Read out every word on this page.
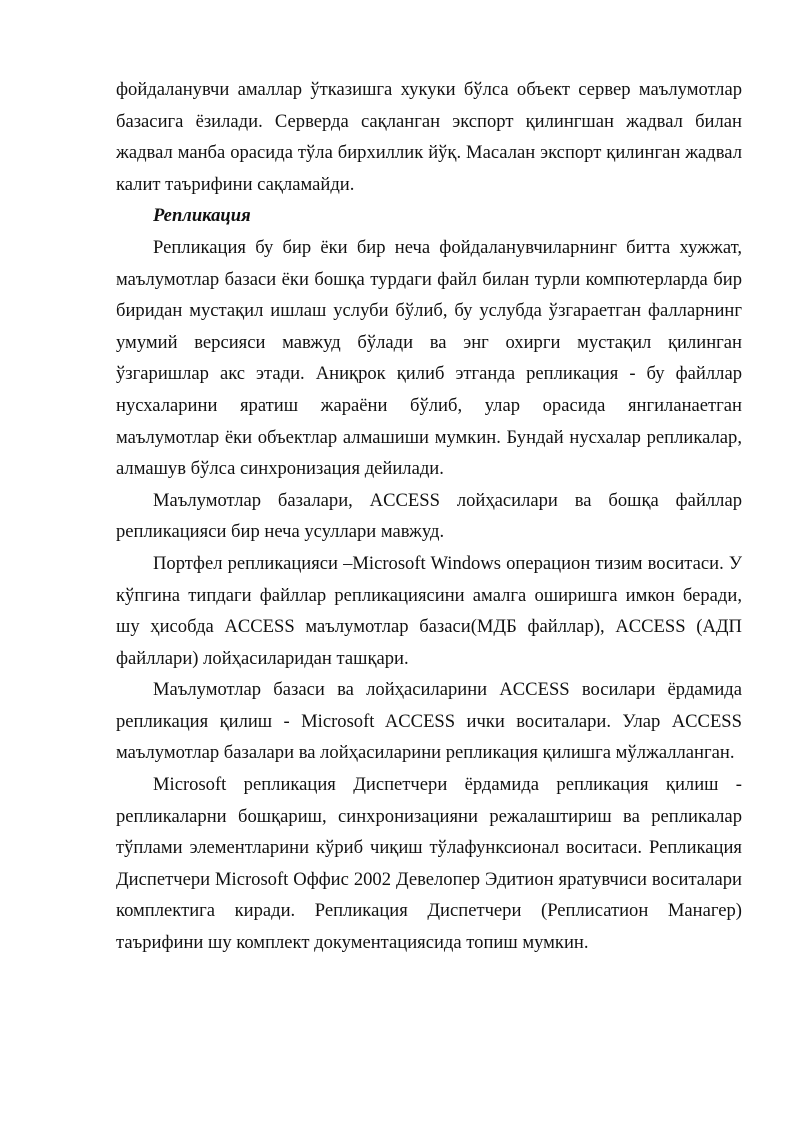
фойдаланувчи амаллар ўтказишга хукуки бўлса объект сервер маълумотлар базасига ёзилади. Серверда сақланган экспорт қилингшан жадвал билан жадвал манба орасида тўла бирхиллик йўқ. Масалан экспорт қилинган жадвал калит таърифини сақламайди.

Репликация

Репликация бу бир ёки бир неча фойдаланувчиларнинг битта хужжат, маълумотлар базаси ёки бошқа турдаги файл билан турли компютерларда бир биридан мустақил ишлаш услуби бўлиб, бу услубда ўзгараетган фалларнинг умумий версияси мавжуд бўлади ва энг охирги мустақил қилинган ўзгаришлар акс этади. Аниқрок қилиб этганда репликация - бу файллар нусхаларини яратиш жараёни бўлиб, улар орасида янгиланаетган маълумотлар ёки объектлар алмашиши мумкин. Бундай нусхалар репликалар, алмашув бўлса синхронизация дейилади.

Маълумотлар базалари, ACCESS лойҳасилари ва бошқа файллар репликацияси бир неча усуллари мавжуд.

Портфел репликацияси –Microsoft Windows операцион тизим воситаси. У кўпгина типдаги файллар репликациясини амалга оширишга имкон беради, шу ҳисобда ACCESS маълумотлар базаси(МДБ файллар), ACCESS (АДП файллари) лойҳасиларидан ташқари.

Маълумотлар базаси ва лойҳасиларини ACCESS восилари ёрдамида репликация қилиш - Microsoft ACCESS ички воситалари. Улар ACCESS маълумотлар базалари ва лойҳасиларини репликация қилишга мўлжалланган.

Microsoft репликация Диспетчери ёрдамида репликация қилиш - репликаларни бошқариш, синхронизацияни режалаштириш ва репликалар тўплами элементларини кўриб чиқиш тўлафунксионал воситаси. Репликация Диспетчери Microsoft Оффис 2002 Девелопер Эдитион яратувчиси воситалари комплектига киради. Репликация Диспетчери (Реплисатион Манагер) таърифини шу комплект документациясида топиш мумкин.
